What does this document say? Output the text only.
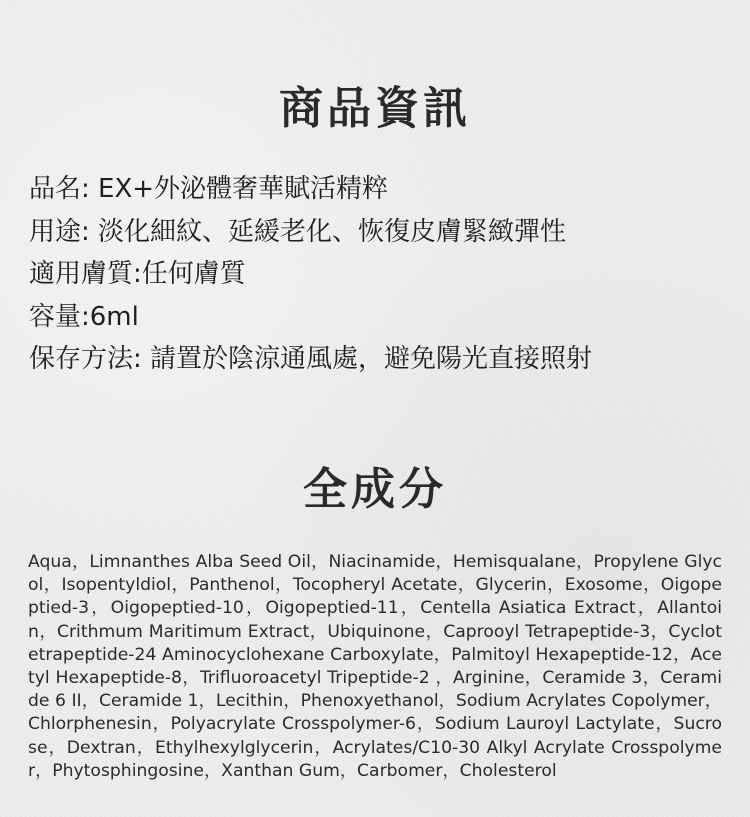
商品資訊
品名: EX+外泌體奢華賦活精粹
用途: 淡化細紋、延緩老化、恢復皮膚緊緻彈性
適用膚質:任何膚質
容量:6ml
保存方法: 請置於陰涼通風處，避免陽光直接照射
全成分

Aqua，Limnanthes Alba Seed Oil，Niacinamide，Hemisqualane，Propylene Glycol，Isopentyldiol，Panthenol，Tocopheryl Acetate，Glycerin，Exosome，Oigopeptied-3，Oigopeptied-10，Oigopeptied-11，Centella Asiatica Extract，Allantoin，Crithmum Maritimum Extract，Ubiquinone，Caprooyl Tetrapeptide-3，Cyclotetrapeptide-24 Aminocyclohexane Carboxylate，Palmitoyl Hexapeptide-12，Acetyl Hexapeptide-8，Trifluoroacetyl Tripeptide-2 ，Arginine，Ceramide 3，Ceramide 6 II，Ceramide 1，Lecithin，Phenoxyethanol，Sodium Acrylates Copolymer，Chlorphenesin，Polyacrylate Crosspolymer-6，Sodium Lauroyl Lactylate，Sucrose，Dextran，Ethylhexylglycerin，Acrylates/C10-30 Alkyl Acrylate Crosspolymer，Phytosphingosine，Xanthan Gum，Carbomer，Cholesterol
